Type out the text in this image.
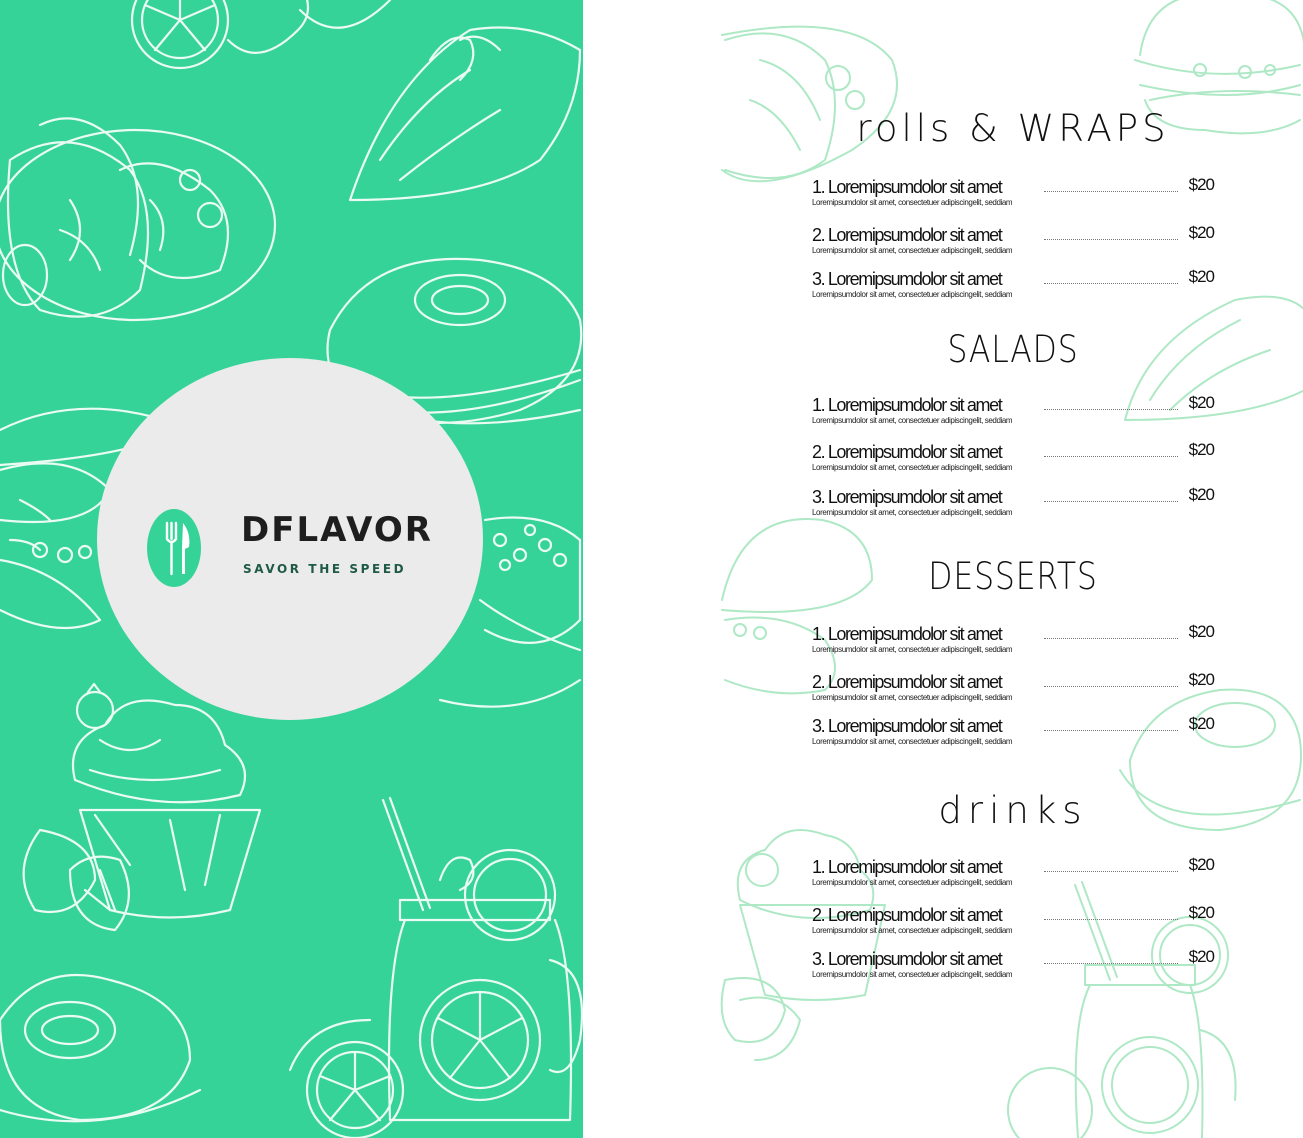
DFLAVOR
SAVOR THE SPEED
rolls & WRAPS
1. Loremipsumdolor sit amet	$20
Loremipsumdolor sit amet, consectetuer adipiscingelit, seddiam
2. Loremipsumdolor sit amet	$20
Loremipsumdolor sit amet, consectetuer adipiscingelit, seddiam
3. Loremipsumdolor sit amet	$20
Loremipsumdolor sit amet, consectetuer adipiscingelit, seddiam
SALADS
1. Loremipsumdolor sit amet	$20
Loremipsumdolor sit amet, consectetuer adipiscingelit, seddiam
2. Loremipsumdolor sit amet	$20
Loremipsumdolor sit amet, consectetuer adipiscingelit, seddiam
3. Loremipsumdolor sit amet	$20
Loremipsumdolor sit amet, consectetuer adipiscingelit, seddiam
DESSERTS
1. Loremipsumdolor sit amet	$20
Loremipsumdolor sit amet, consectetuer adipiscingelit, seddiam
2. Loremipsumdolor sit amet	$20
Loremipsumdolor sit amet, consectetuer adipiscingelit, seddiam
3. Loremipsumdolor sit amet	$20
Loremipsumdolor sit amet, consectetuer adipiscingelit, seddiam
drinks
1. Loremipsumdolor sit amet	$20
Loremipsumdolor sit amet, consectetuer adipiscingelit, seddiam
2. Loremipsumdolor sit amet	$20
Loremipsumdolor sit amet, consectetuer adipiscingelit, seddiam
3. Loremipsumdolor sit amet	$20
Loremipsumdolor sit amet, consectetuer adipiscingelit, seddiam
